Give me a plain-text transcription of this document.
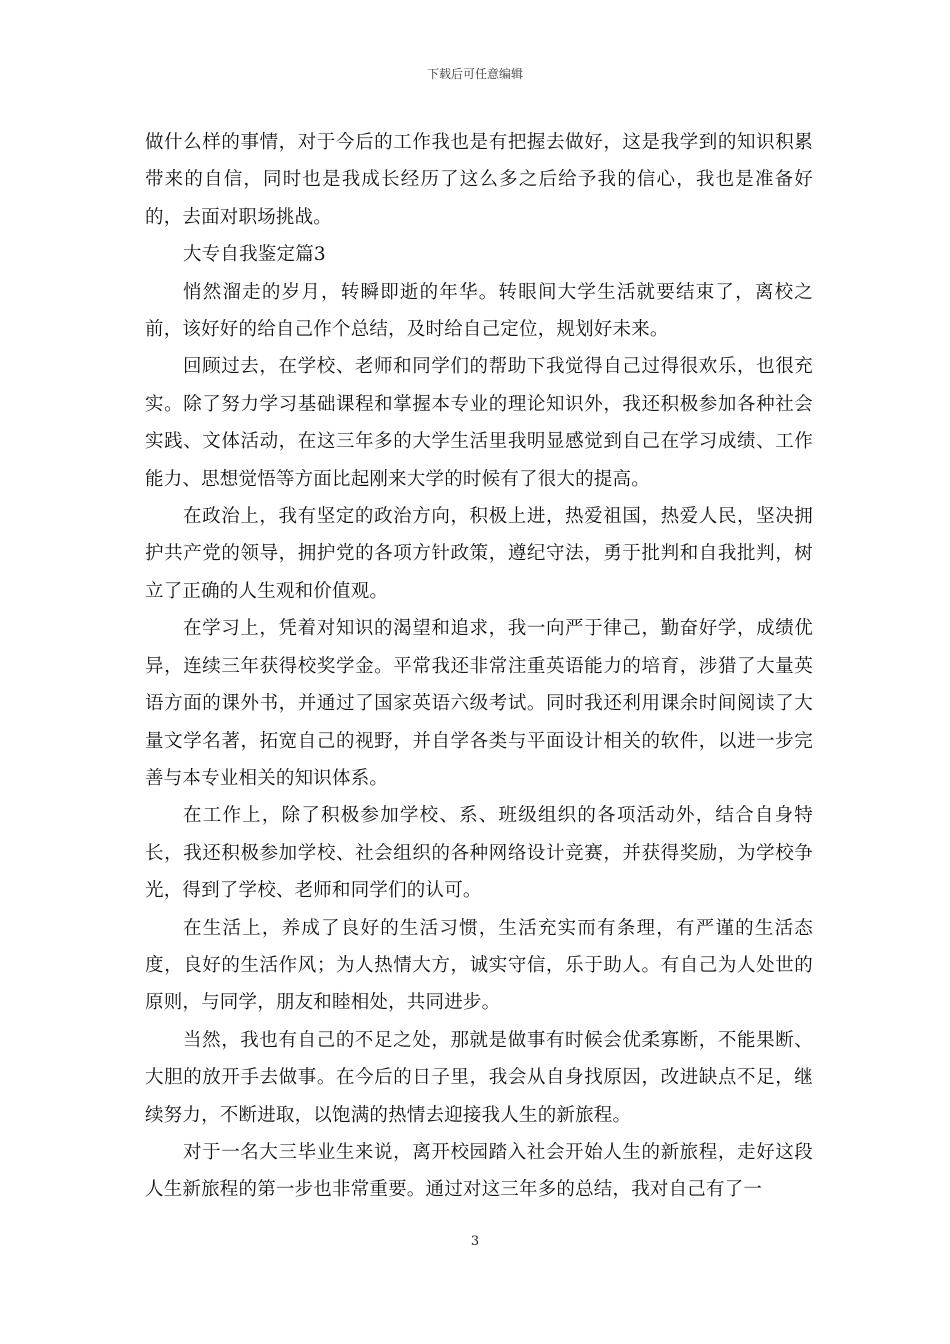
下载后可任意编辑

做什么样的事情，对于今后的工作我也是有把握去做好，这是我学到的知识积累带来的自信，同时也是我成长经历了这么多之后给予我的信心，我也是准备好的，去面对职场挑战。

大专自我鉴定篇3

悄然溜走的岁月，转瞬即逝的年华。转眼间大学生活就要结束了，离校之前，该好好的给自己作个总结，及时给自己定位，规划好未来。

回顾过去，在学校、老师和同学们的帮助下我觉得自己过得很欢乐，也很充实。除了努力学习基础课程和掌握本专业的理论知识外，我还积极参加各种社会实践、文体活动，在这三年多的大学生活里我明显感觉到自己在学习成绩、工作能力、思想觉悟等方面比起刚来大学的时候有了很大的提高。

在政治上，我有坚定的政治方向，积极上进，热爱祖国，热爱人民，坚决拥护共产党的领导，拥护党的各项方针政策，遵纪守法，勇于批判和自我批判，树立了正确的人生观和价值观。

在学习上，凭着对知识的渴望和追求，我一向严于律己，勤奋好学，成绩优异，连续三年获得校奖学金。平常我还非常注重英语能力的培育，涉猎了大量英语方面的课外书，并通过了国家英语六级考试。同时我还利用课余时间阅读了大量文学名著，拓宽自己的视野，并自学各类与平面设计相关的软件，以进一步完善与本专业相关的知识体系。

在工作上，除了积极参加学校、系、班级组织的各项活动外，结合自身特长，我还积极参加学校、社会组织的各种网络设计竞赛，并获得奖励，为学校争光，得到了学校、老师和同学们的认可。

在生活上，养成了良好的生活习惯，生活充实而有条理，有严谨的生活态度，良好的生活作风；为人热情大方，诚实守信，乐于助人。有自己为人处世的原则，与同学，朋友和睦相处，共同进步。

当然，我也有自己的不足之处，那就是做事有时候会优柔寡断，不能果断、大胆的放开手去做事。在今后的日子里，我会从自身找原因，改进缺点不足，继续努力，不断进取，以饱满的热情去迎接我人生的新旅程。

对于一名大三毕业生来说，离开校园踏入社会开始人生的新旅程，走好这段人生新旅程的第一步也非常重要。通过对这三年多的总结，我对自己有了一

3
